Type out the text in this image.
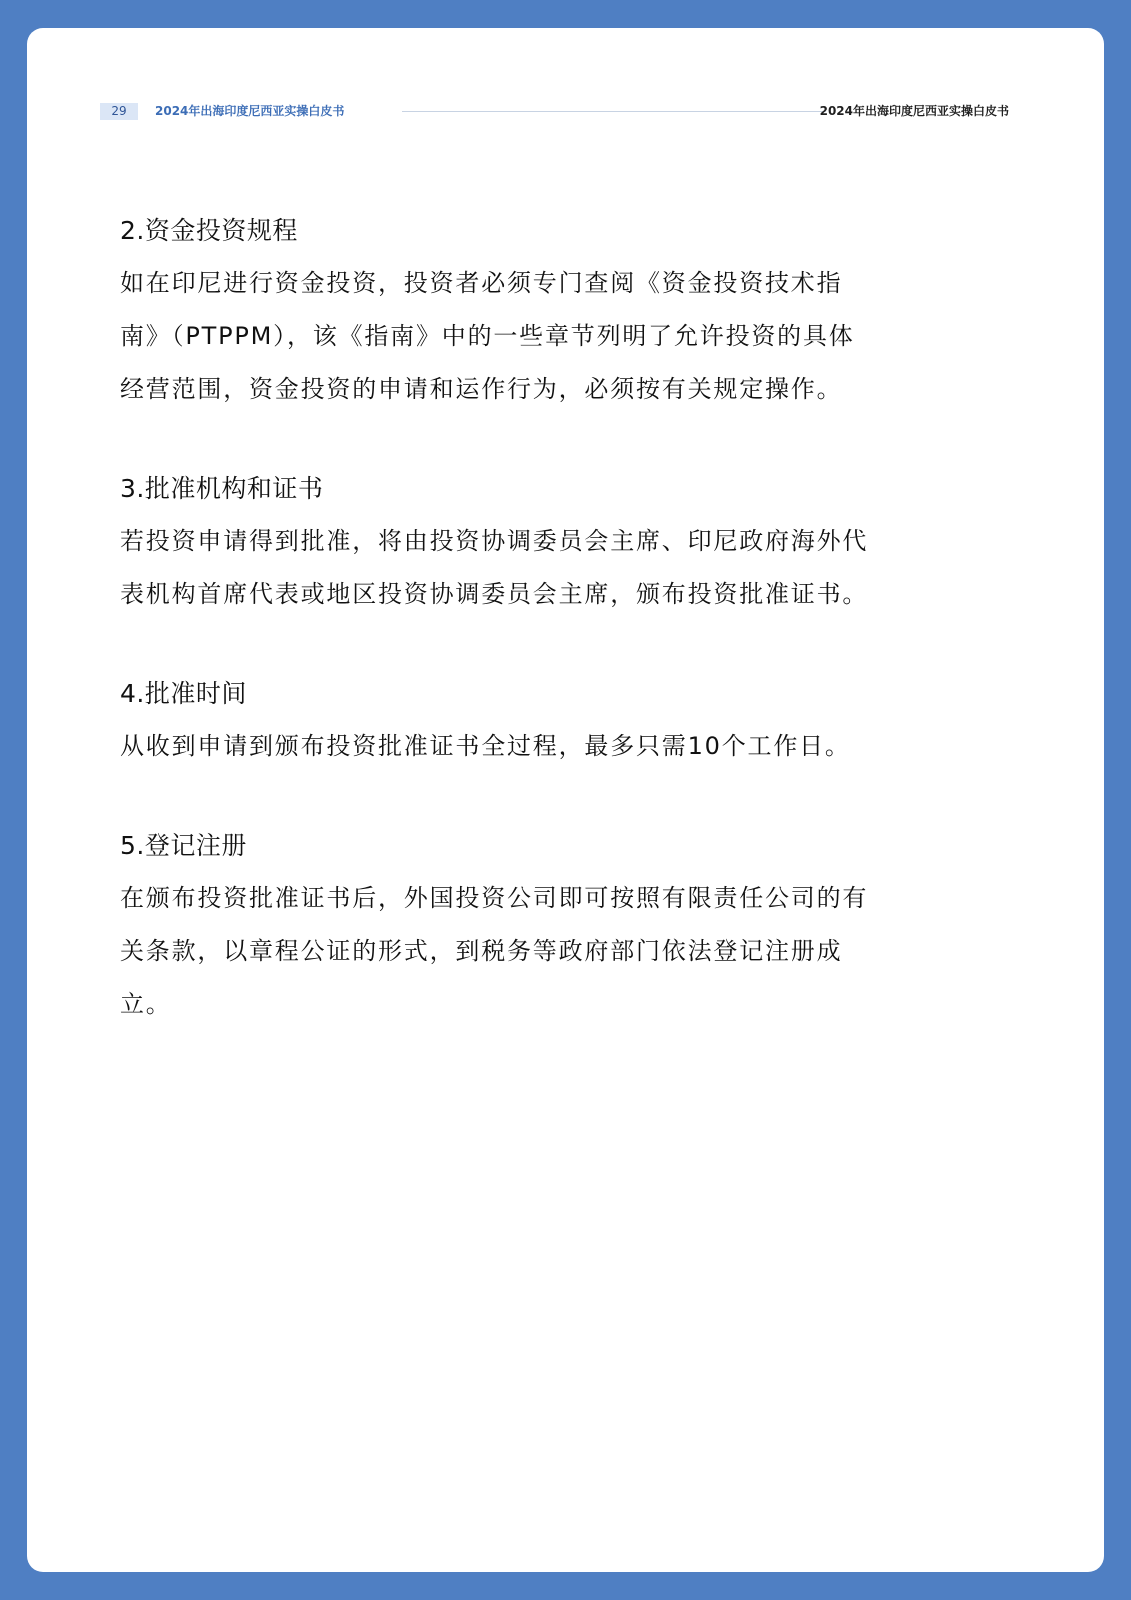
29	2024年出海印度尼西亚实操白皮书	2024年出海印度尼西亚实操白皮书

2.资金投资规程

如在印尼进行资金投资，投资者必须专门查阅《资金投资技术指
南》（PTPPM），该《指南》中的一些章节列明了允许投资的具体
经营范围，资金投资的申请和运作行为，必须按有关规定操作。

3.批准机构和证书

若投资申请得到批准，将由投资协调委员会主席、印尼政府海外代
表机构首席代表或地区投资协调委员会主席，颁布投资批准证书。

4.批准时间

从收到申请到颁布投资批准证书全过程，最多只需10个工作日。

5.登记注册

在颁布投资批准证书后，外国投资公司即可按照有限责任公司的有
关条款，以章程公证的形式，到税务等政府部门依法登记注册成
立。
